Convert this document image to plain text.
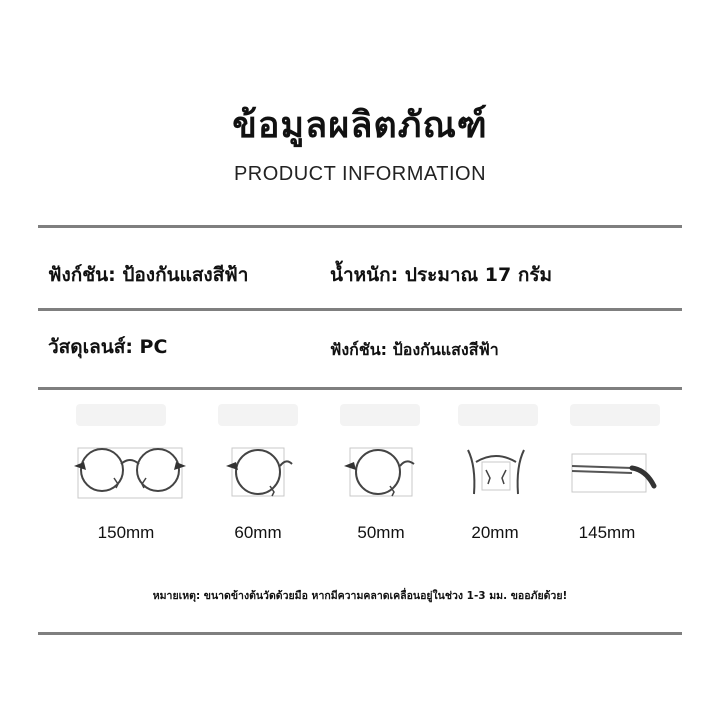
ข้อมูลผลิตภัณฑ์
PRODUCT INFORMATION
ฟังก์ชัน: ป้องกันแสงสีฟ้า	น้ำหนัก: ประมาณ 17 กรัม
วัสดุเลนส์: PC	ฟังก์ชัน: ป้องกันแสงสีฟ้า
150mm	60mm	50mm	20mm	145mm
หมายเหตุ: ขนาดข้างต้นวัดด้วยมือ หากมีความคลาดเคลื่อนอยู่ในช่วง 1-3 มม. ขออภัยด้วย!
